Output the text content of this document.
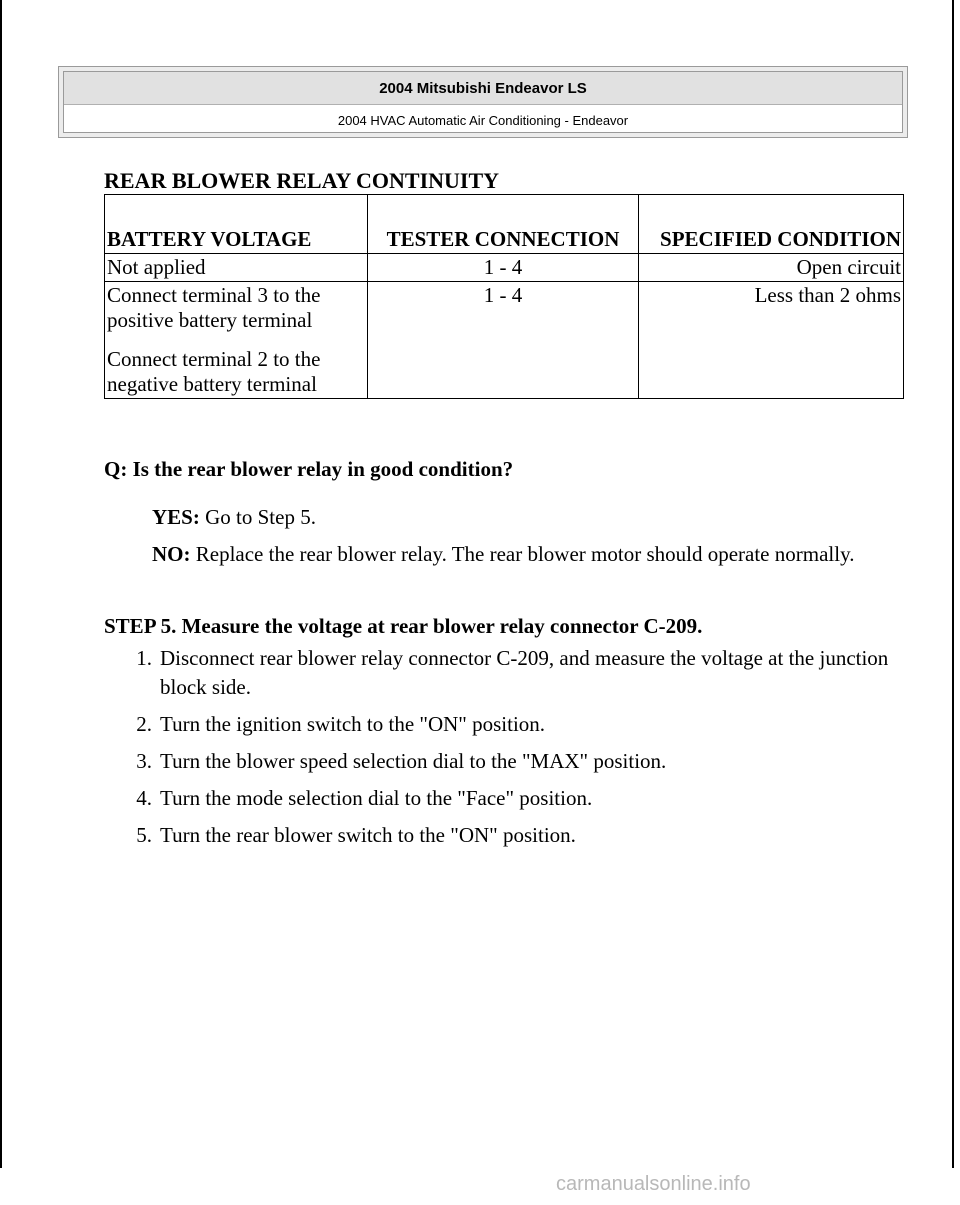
2004 Mitsubishi Endeavor LS
2004 HVAC Automatic Air Conditioning - Endeavor
REAR BLOWER RELAY CONTINUITY
BATTERY VOLTAGE	TESTER CONNECTION	SPECIFIED CONDITION

Not applied	1 - 4	Open circuit

Connect terminal 3 to the positive battery terminal
Connect terminal 2 to the negative battery terminal	1 - 4	Less than 2 ohms

Q: Is the rear blower relay in good condition?

YES: Go to Step 5.

NO: Replace the rear blower relay. The rear blower motor should operate normally.

STEP 5. Measure the voltage at rear blower relay connector C-209.

1. Disconnect rear blower relay connector C-209, and measure the voltage at the junction block side.
2. Turn the ignition switch to the "ON" position.
3. Turn the blower speed selection dial to the "MAX" position.
4. Turn the mode selection dial to the "Face" position.
5. Turn the rear blower switch to the "ON" position.
carmanualsonline.info
